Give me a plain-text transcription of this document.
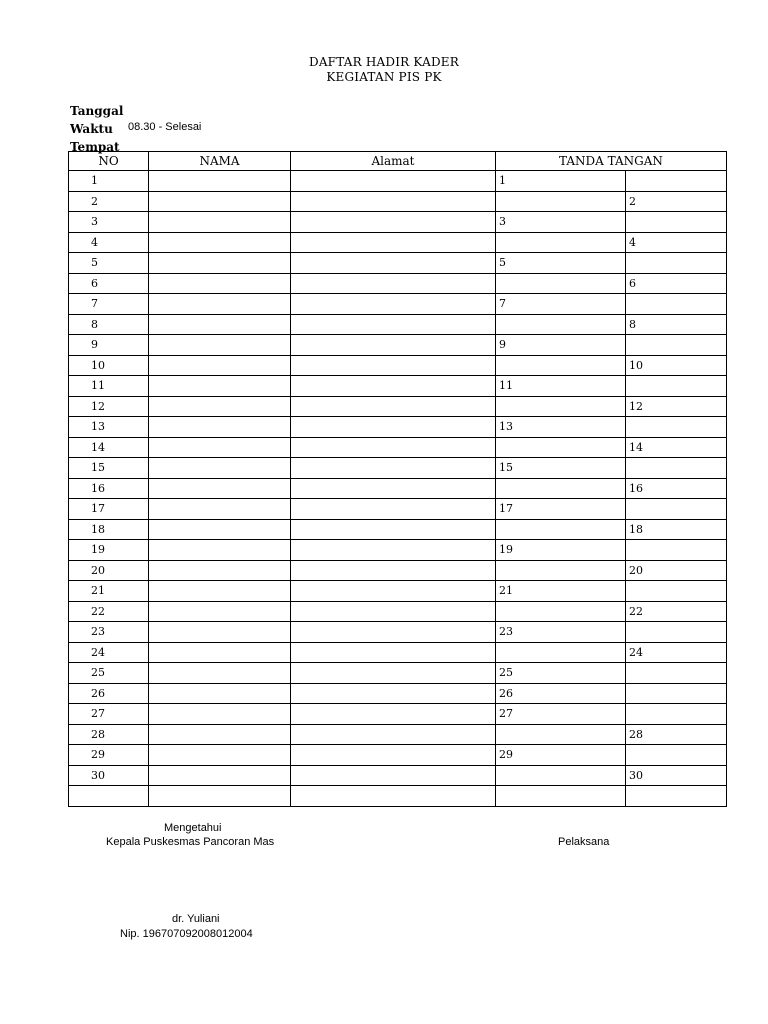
DAFTAR HADIR KADER
KEGIATAN PIS PK
Tanggal
Waktu
Tempat
08.30 - Selesai
NO	NAMA	Alamat	TANDA TANGAN	
1			1	
2				2
3			3	
4				4
5			5	
6				6
7			7	
8				8
9			9	
10				10
11			11	
12				12
13			13	
14				14
15			15	
16				16
17			17	
18				18
19			19	
20				20
21			21	
22				22
23			23	
24				24
25			25	
26			26	
27			27	
28				28
29			29	
30				30

Mengetahui
Kepala Puskesmas Pancoran Mas	Pelaksana
dr. Yuliani
Nip. 196707092008012004
